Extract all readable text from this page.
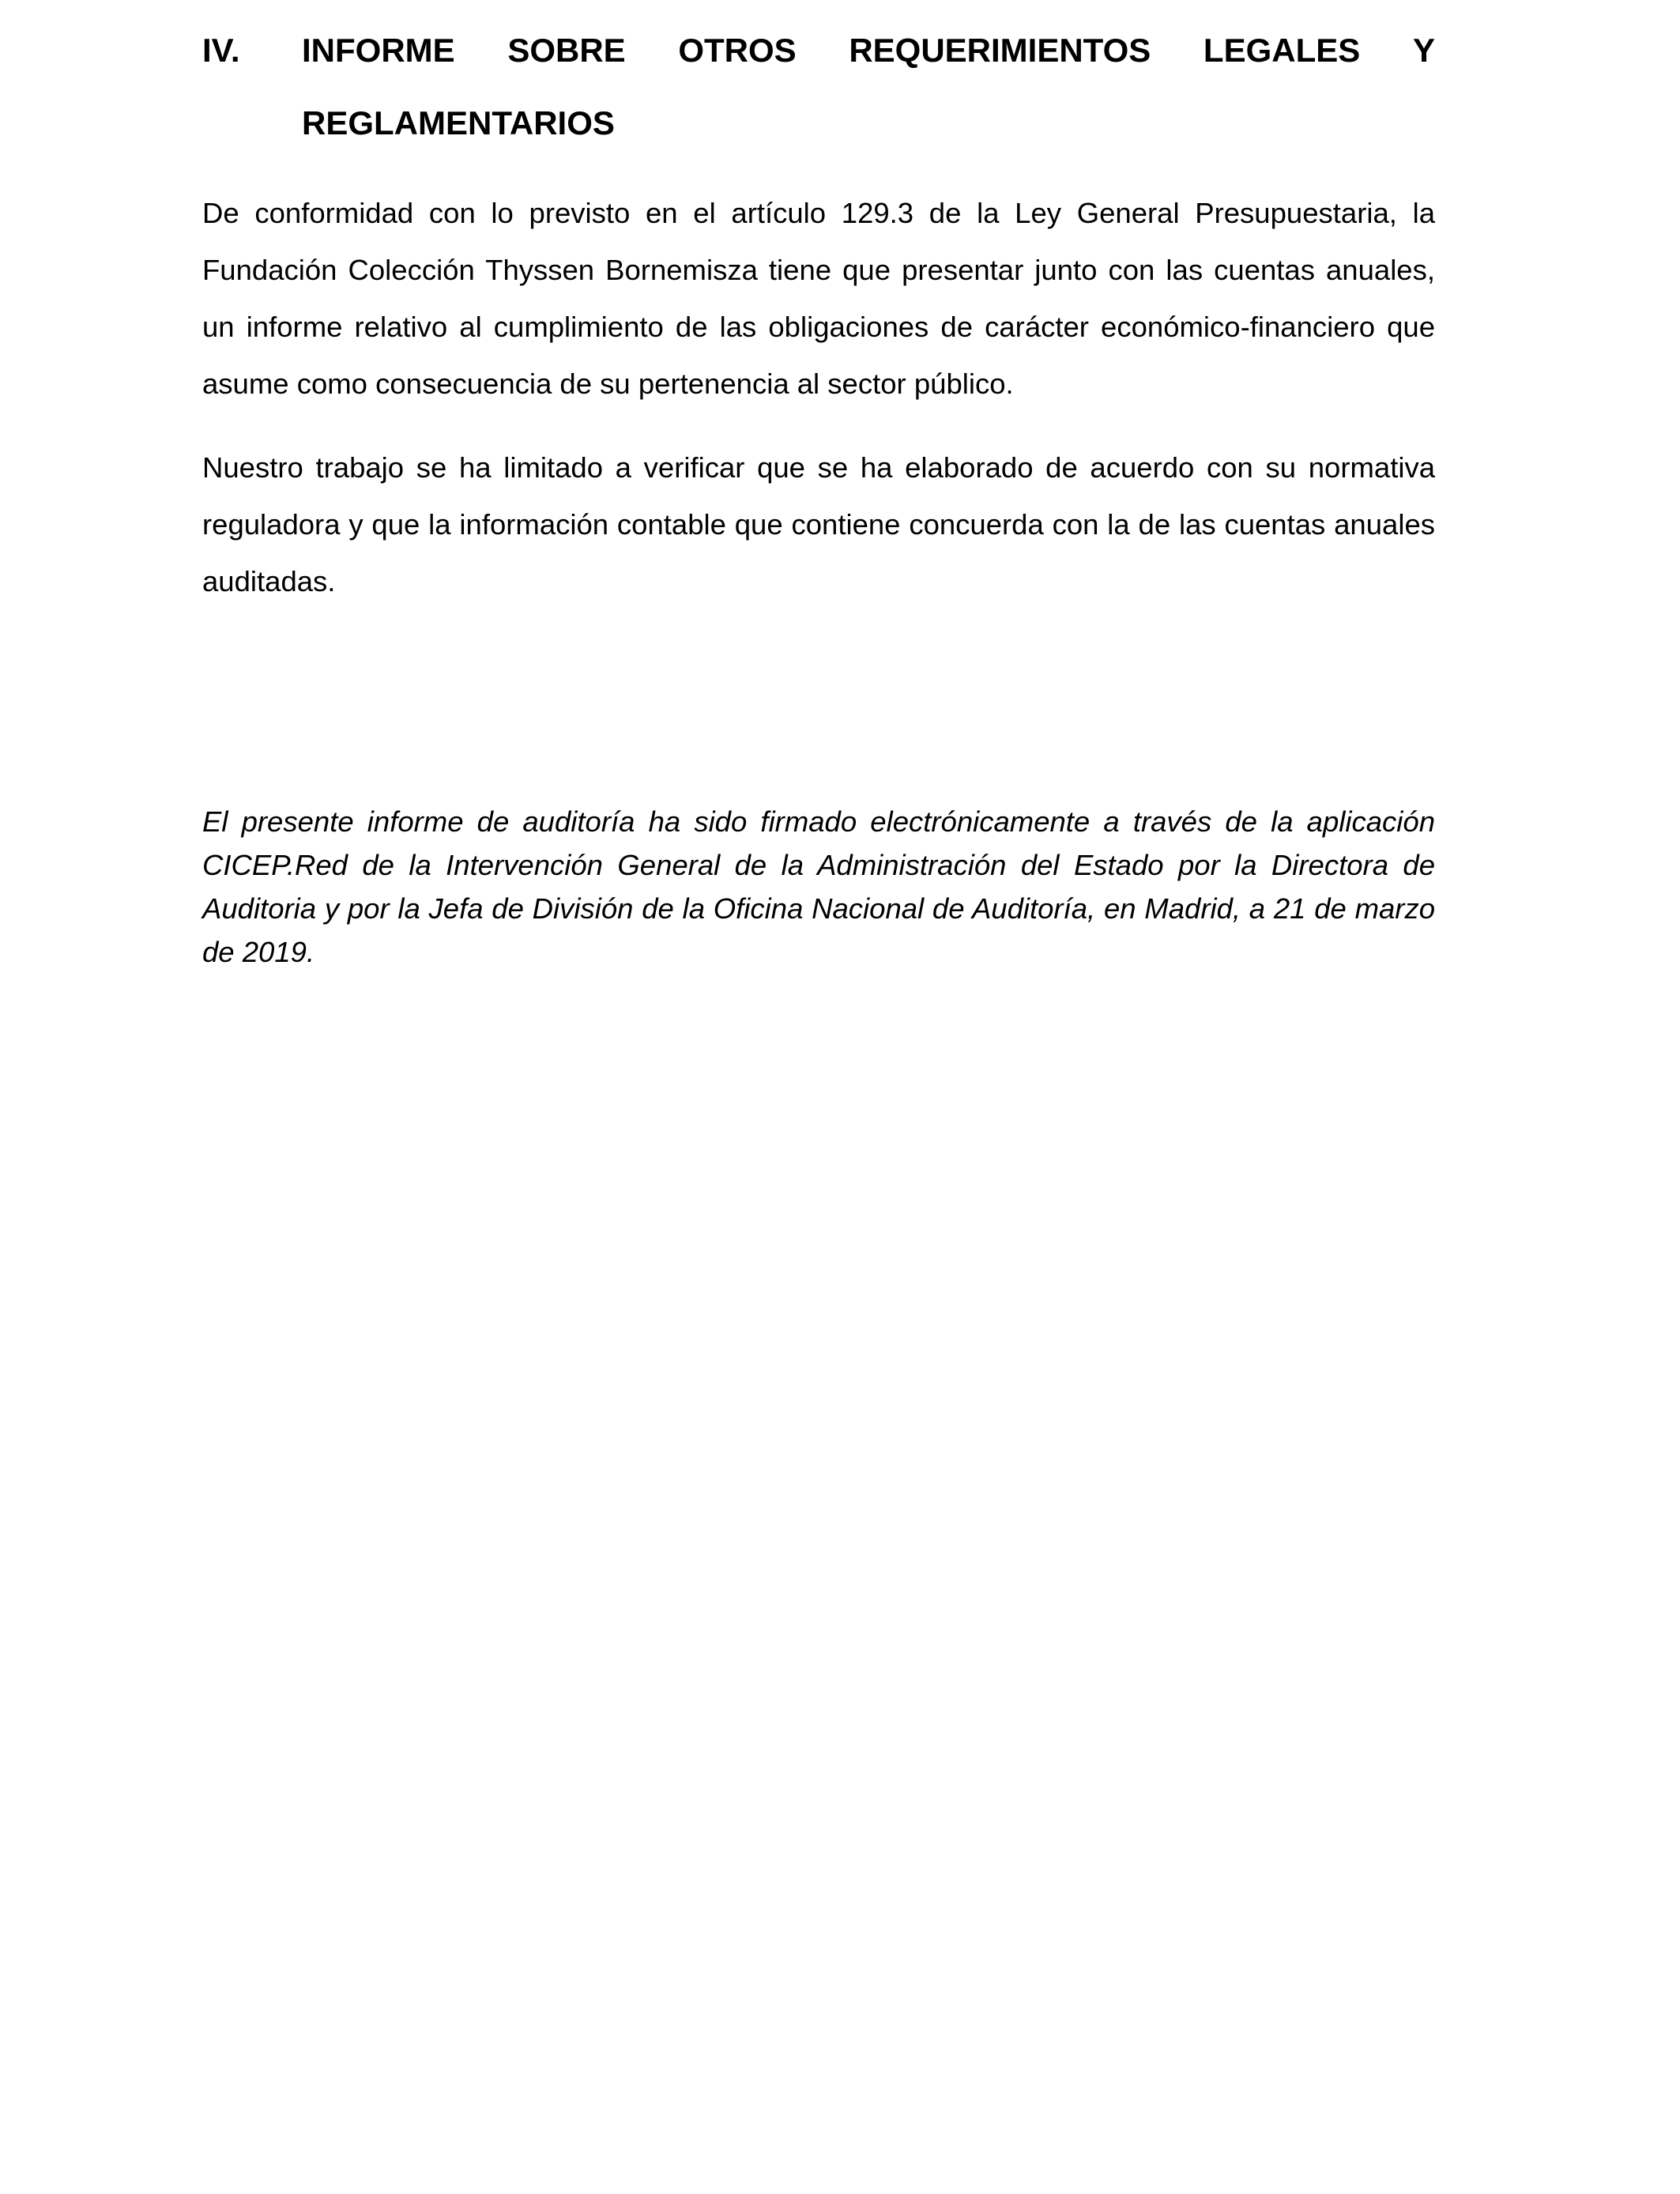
IV.	INFORME SOBRE OTROS REQUERIMIENTOS LEGALES Y
REGLAMENTARIOS

De conformidad con lo previsto en el artículo 129.3 de la Ley General Presupuestaria, la Fundación Colección Thyssen Bornemisza tiene que presentar junto con las cuentas anuales, un informe relativo al cumplimiento de las obligaciones de carácter económico-financiero que asume como consecuencia de su pertenencia al sector público.

Nuestro trabajo se ha limitado a verificar que se ha elaborado de acuerdo con su normativa reguladora y que la información contable que contiene concuerda con la de las cuentas anuales auditadas.

El presente informe de auditoría ha sido firmado electrónicamente a través de la aplicación CICEP.Red de la Intervención General de la Administración del Estado por la Directora de Auditoria y por la Jefa de División de la Oficina Nacional de Auditoría, en Madrid, a 21 de marzo de 2019.
